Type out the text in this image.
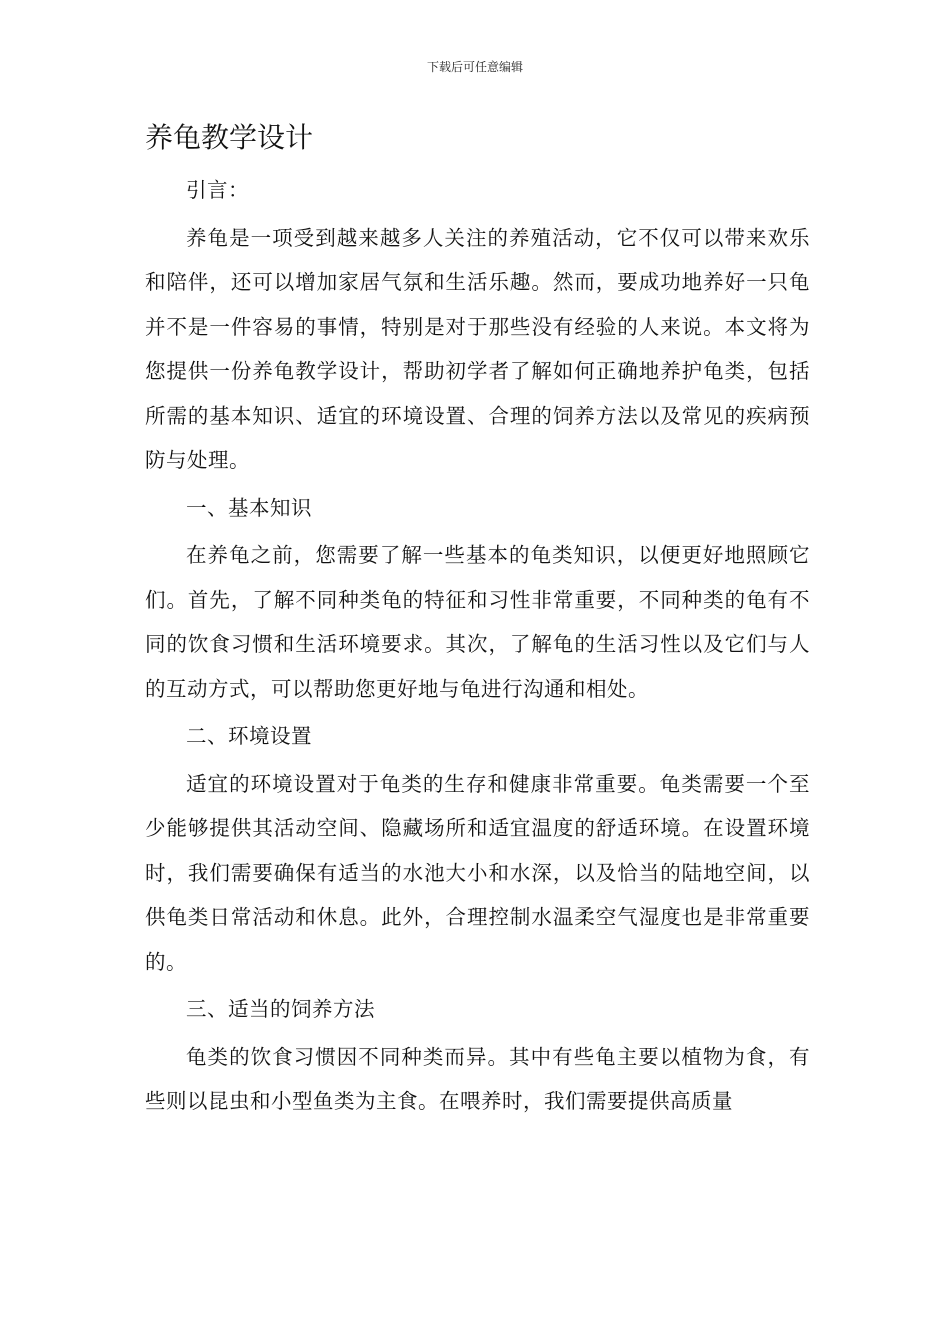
下载后可任意编辑
养龟教学设计

引言：

养龟是一项受到越来越多人关注的养殖活动，它不仅可以带来欢乐和陪伴，还可以增加家居气氛和生活乐趣。然而，要成功地养好一只龟并不是一件容易的事情，特别是对于那些没有经验的人来说。本文将为您提供一份养龟教学设计，帮助初学者了解如何正确地养护龟类，包括所需的基本知识、适宜的环境设置、合理的饲养方法以及常见的疾病预防与处理。

一、基本知识

在养龟之前，您需要了解一些基本的龟类知识，以便更好地照顾它们。首先，了解不同种类龟的特征和习性非常重要，不同种类的龟有不同的饮食习惯和生活环境要求。其次，了解龟的生活习性以及它们与人的互动方式，可以帮助您更好地与龟进行沟通和相处。

二、环境设置

适宜的环境设置对于龟类的生存和健康非常重要。龟类需要一个至少能够提供其活动空间、隐藏场所和适宜温度的舒适环境。在设置环境时，我们需要确保有适当的水池大小和水深，以及恰当的陆地空间，以供龟类日常活动和休息。此外，合理控制水温柔空气湿度也是非常重要的。

三、适当的饲养方法

龟类的饮食习惯因不同种类而异。其中有些龟主要以植物为食，有些则以昆虫和小型鱼类为主食。在喂养时，我们需要提供高质量
